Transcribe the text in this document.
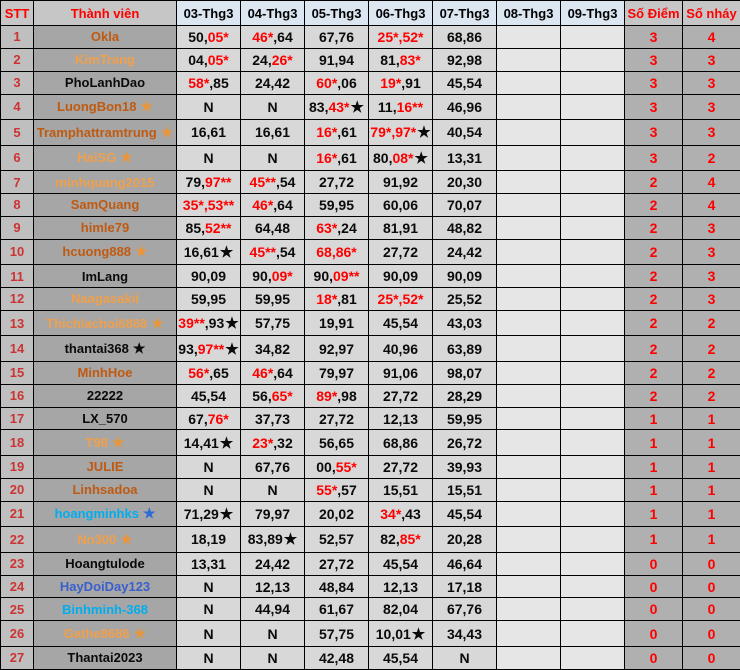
STT	Thành viên	03-Thg3	04-Thg3	05-Thg3	06-Thg3	07-Thg3	08-Thg3	09-Thg3	Số Điểm	Số nháy
1	Okla	50,05*	46*,64	67,76	25*,52*	68,86			3	4
2	KimTrang	04,05*	24,26*	91,94	81,83*	92,98			3	3
3	PhoLanhDao	58*,85	24,42	60*,06	19*,91	45,54			3	3
4	LuongBon18 ★	N	N	83,43*★	11,16**	46,96			3	3
5	Tramphattramtrung ★	16,61	16,61	16*,61	79*,97*★	40,54			3	3
6	HaiSG ★	N	N	16*,61	80,08*★	13,31			3	2
7	minhquang2015	79,97**	45**,54	27,72	91,92	20,30			2	4
8	SamQuang	35*,53**	46*,64	59,95	60,06	70,07			2	4
9	himle79	85,52**	64,48	63*,24	81,91	48,82			2	3
10	hcuong888 ★	16,61★	45**,54	68,86*	27,72	24,42			2	3
11	ImLang	90,09	90,09*	90,09**	90,09	90,09			2	3
12	Naagasakii	59,95	59,95	18*,81	25*,52*	25,52			2	3
13	Thichlachoi6868 ★	39**,93★	57,75	19,91	45,54	43,03			2	2
14	thantai368 ★	93,97**★	34,82	92,97	40,96	63,89			2	2
15	MinhHoe	56*,65	46*,64	79,97	91,06	98,07			2	2
16	22222	45,54	56,65*	89*,98	27,72	28,29			2	2
17	LX_570	67,76*	37,73	27,72	12,13	59,95			1	1
18	T98 ★	14,41★	23*,32	56,65	68,86	26,72			1	1
19	JULIE	N	67,76	00,55*	27,72	39,93			1	1
20	Linhsadoa	N	N	55*,57	15,51	15,51			1	1
21	hoangminhks ★	71,29★	79,97	20,02	34*,43	45,54			1	1
22	Nn300 ★	18,19	83,89★	52,57	82,85*	20,28			1	1
23	Hoangtulode	13,31	24,42	27,72	45,54	46,64			0	0
24	HayDoiDay123	N	12,13	48,84	12,13	17,18			0	0
25	Binhminh-368	N	44,94	61,67	82,04	67,76			0	0
26	Gathe8686 ★	N	N	57,75	10,01★	34,43			0	0
27	Thantai2023	N	N	42,48	45,54	N			0	0
